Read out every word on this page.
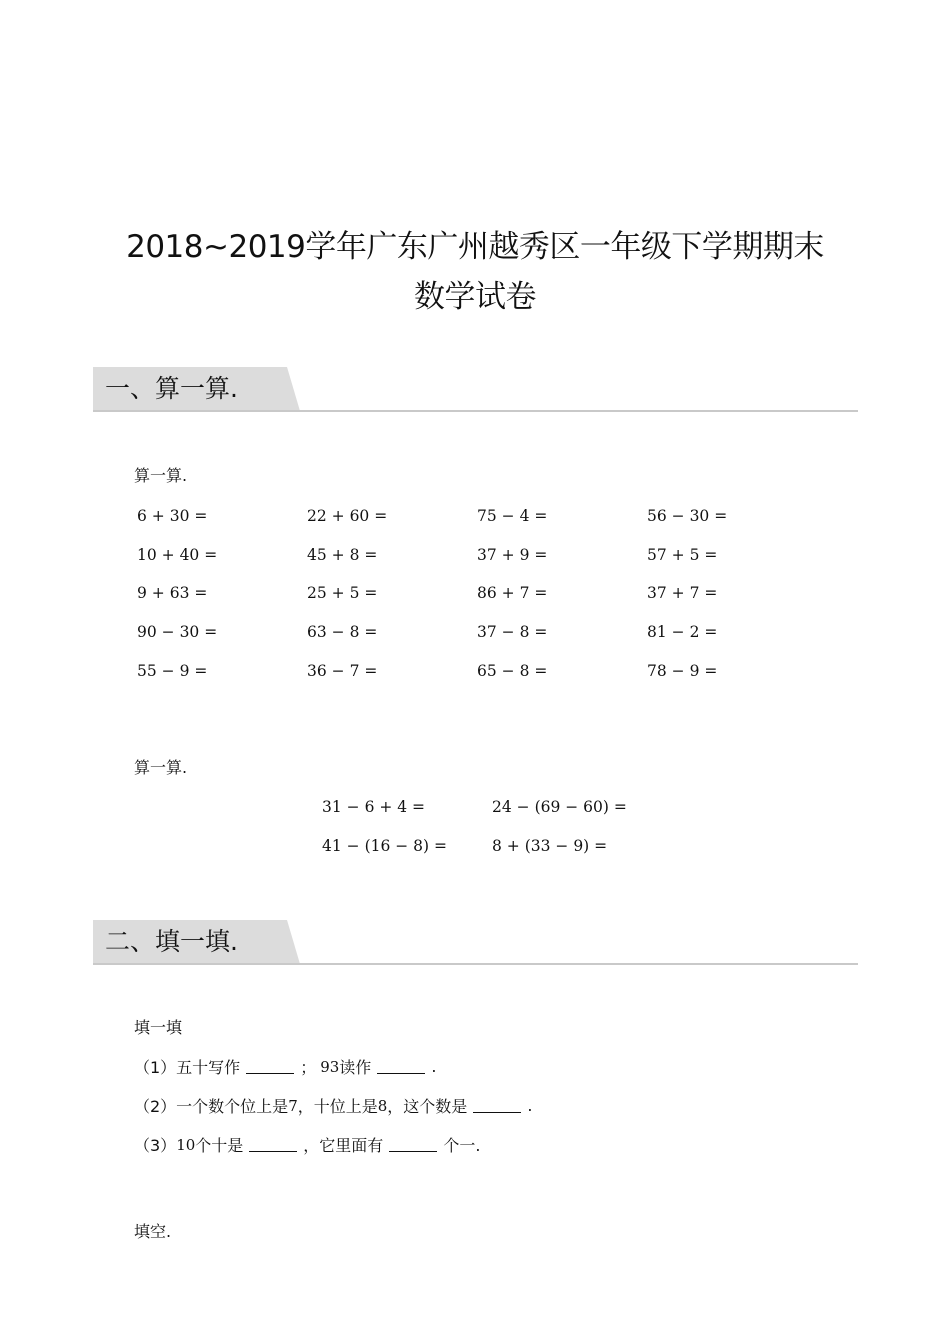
2018~2019学年广东广州越秀区一年级下学期期末
数学试卷
一、算一算.
算一算.
6 + 30 =	22 + 60 =	75 − 4 =	56 − 30 =
10 + 40 =	45 + 8 =	37 + 9 =	57 + 5 =
9 + 63 =	25 + 5 =	86 + 7 =	37 + 7 =
90 − 30 =	63 − 8 =	37 − 8 =	81 − 2 =
55 − 9 =	36 − 7 =	65 − 8 =	78 − 9 =
算一算.
31 − 6 + 4 =	24 − (69 − 60) =
41 − (16 − 8) =	8 + (33 − 9) =
二、填一填.
填一填
（1）五十写作	； 93 读作	.
（2）一个数个位上是 7 ，十位上是 8 ，这个数是	.
（3） 10 个十是	，它里面有	个一.
填空.
